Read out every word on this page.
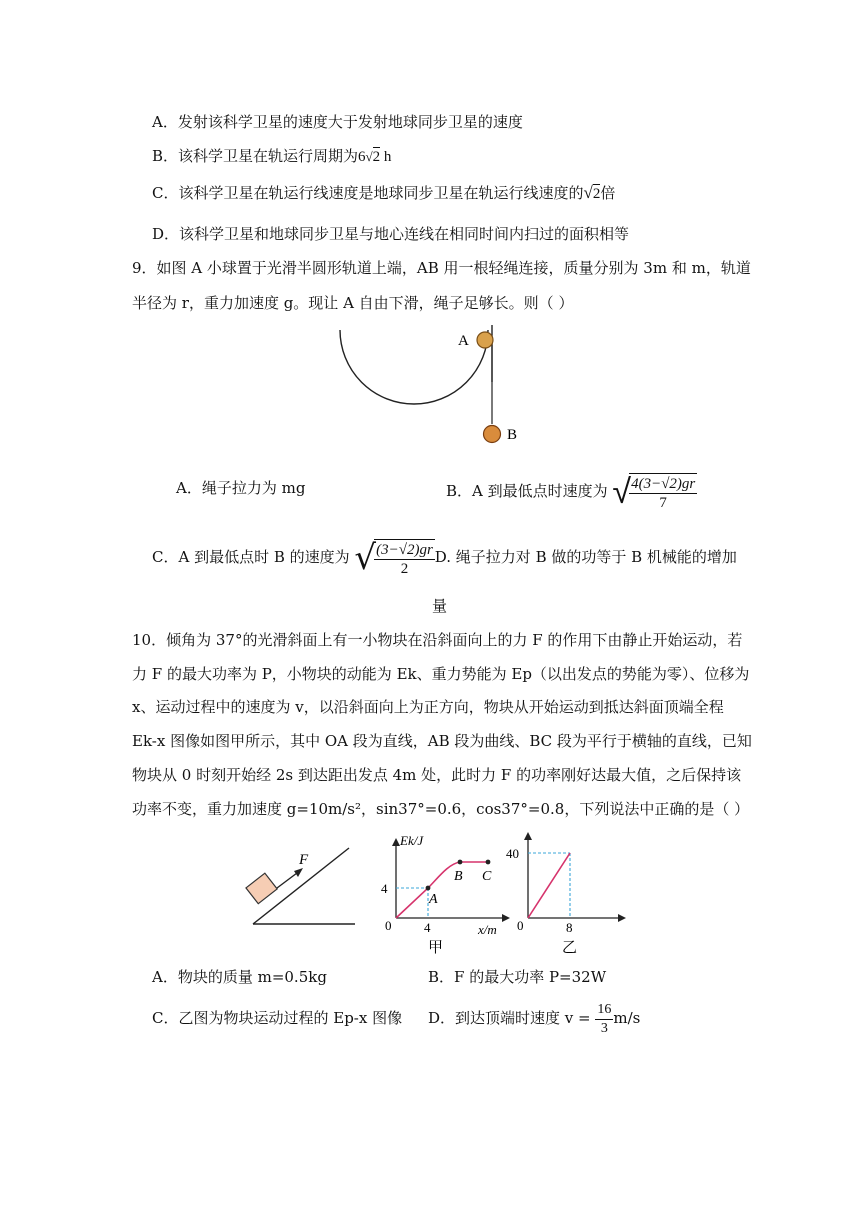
A．发射该科学卫星的速度大于发射地球同步卫星的速度
B．该科学卫星在轨运行周期为6√2 h
C．该科学卫星在轨运行线速度是地球同步卫星在轨运行线速度的√2倍
D．该科学卫星和地球同步卫星与地心连线在相同时间内扫过的面积相等
9．如图 A 小球置于光滑半圆形轨道上端，AB 用一根轻绳连接，质量分别为 3m 和 m，轨道
半径为 r，重力加速度 g。现让 A 自由下滑，绳子足够长。则（ ）
A
B
A．绳子拉力为 mg	B．A 到最低点时速度为 √
$\frac{4(3-√2)gr}{7}$
C．A 到最低点时 B 的速度为 √
$\frac{(3-√2)gr}{2} D$. 绳子拉力对 B 做的功等于 B 机械能的增加
量
10．倾角为 37°的光滑斜面上有一小物块在沿斜面向上的力 F 的作用下由静止开始运动，若
力 F 的最大功率为 P，小物块的动能为 Ek、重力势能为 Ep（以出发点的势能为零）、位移为
x、运动过程中的速度为 v，以沿斜面向上为正方向，物块从开始运动到抵达斜面顶端全程
Ek-x 图像如图甲所示，其中 OA 段为直线，AB 段为曲线、BC 段为平行于横轴的直线，已知
物块从 0 时刻开始经 2s 到达距出发点 4m 处，此时力 F 的功率刚好达最大值，之后保持该
功率不变，重力加速度 g=10m/s²，sin37°=0.6，cos37°=0.8，下列说法中正确的是（ ）
F
Ek/J
x/m
0
4
4
A
B C
甲
40
8
0
乙
A．物块的质量 m=0.5kg	B．F 的最大功率 P=32W
C．乙图为物块运动过程的 Ep-x 图像 D．到达顶端时速度 $v = \frac{16}{3} m/s$
